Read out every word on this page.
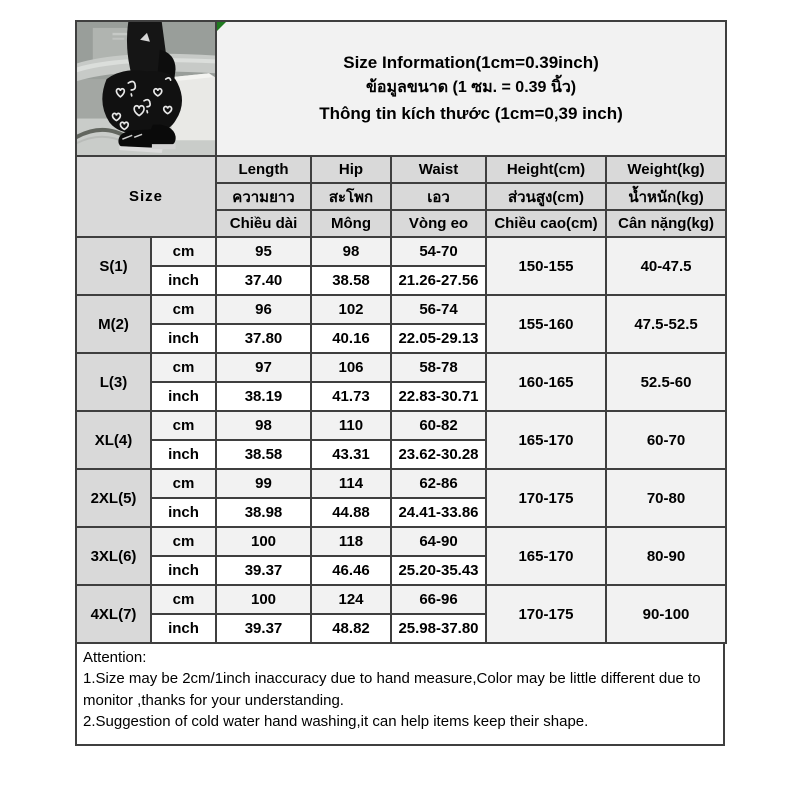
Size Information(1cm=0.39inch)
ข้อมูลขนาด (1 ซม. = 0.39 นิ้ว)
Thông tin kích thước (1cm=0,39 inch)				

Size		Length	Hip	Waist	Height(cm)	Weight(kg)
		ความยาว	สะโพก	เอว	ส่วนสูง(cm)	น้ำหนัก(kg)
		Chiều dài	Mông	Vòng eo	Chiều cao(cm)	Cân nặng(kg)
S(1)	cm	95	98	54-70	150-155	40-47.5
	inch	37.40	38.58	21.26-27.56		
M(2)	cm	96	102	56-74	155-160	47.5-52.5
	inch	37.80	40.16	22.05-29.13		
L(3)	cm	97	106	58-78	160-165	52.5-60
	inch	38.19	41.73	22.83-30.71		
XL(4)	cm	98	110	60-82	165-170	60-70
	inch	38.58	43.31	23.62-30.28		
2XL(5)	cm	99	114	62-86	170-175	70-80
	inch	38.98	44.88	24.41-33.86		
3XL(6)	cm	100	118	64-90	165-170	80-90
	inch	39.37	46.46	25.20-35.43		
4XL(7)	cm	100	124	66-96	170-175	90-100
	inch	39.37	48.82	25.98-37.80		
Attention:
1.Size may be 2cm/1inch inaccuracy due to hand measure,Color may be little different due to monitor ,thanks for your understanding.
2.Suggestion of cold water hand washing,it can help items keep their shape.
